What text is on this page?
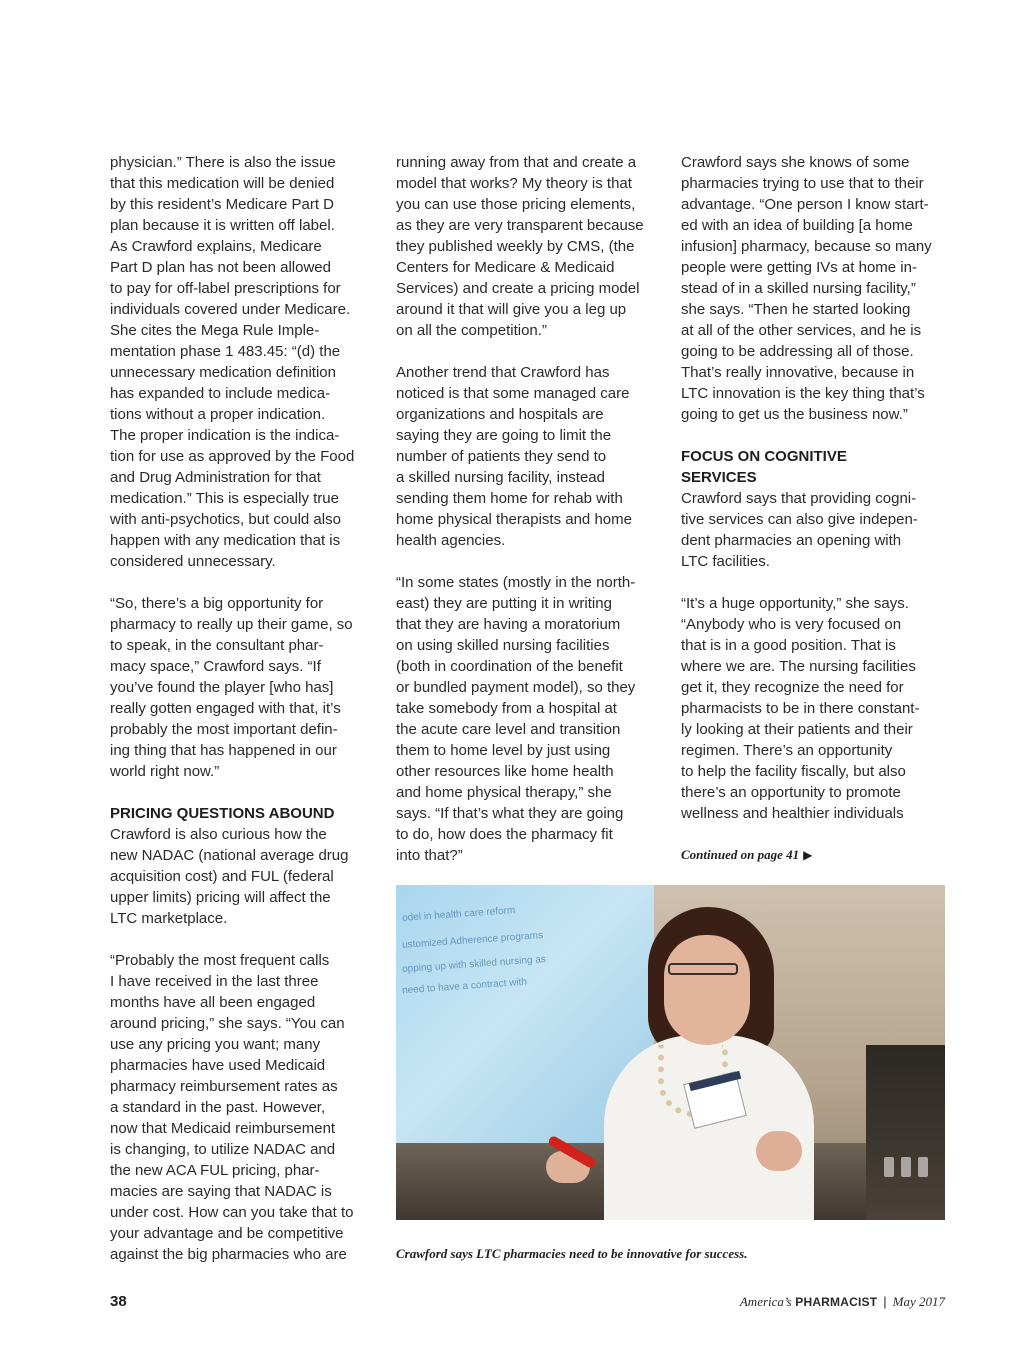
physician.” There is also the issue
that this medication will be denied
by this resident’s Medicare Part D
plan because it is written off label.
As Crawford explains, Medicare
Part D plan has not been allowed
to pay for off-label prescriptions for
individuals covered under Medicare.
She cites the Mega Rule Imple-
mentation phase 1 483.45: “(d) the
unnecessary medication definition
has expanded to include medica-
tions without a proper indication.
The proper indication is the indica-
tion for use as approved by the Food
and Drug Administration for that
medication.” This is especially true
with anti-psychotics, but could also
happen with any medication that is
considered unnecessary.

“So, there’s a big opportunity for
pharmacy to really up their game, so
to speak, in the consultant phar-
macy space,” Crawford says. “If
you’ve found the player [who has]
really gotten engaged with that, it’s
probably the most important defin-
ing thing that has happened in our
world right now.”

PRICING QUESTIONS ABOUND

Crawford is also curious how the
new NADAC (national average drug
acquisition cost) and FUL (federal
upper limits) pricing will affect the
LTC marketplace.

“Probably the most frequent calls
I have received in the last three
months have all been engaged
around pricing,” she says. “You can
use any pricing you want; many
pharmacies have used Medicaid
pharmacy reimbursement rates as
a standard in the past. However,
now that Medicaid reimbursement
is changing, to utilize NADAC and
the new ACA FUL pricing, phar-
macies are saying that NADAC is
under cost. How can you take that to
your advantage and be competitive
against the big pharmacies who are

running away from that and create a
model that works? My theory is that
you can use those pricing elements,
as they are very transparent because
they published weekly by CMS, (the
Centers for Medicare & Medicaid
Services) and create a pricing model
around it that will give you a leg up
on all the competition.”

Another trend that Crawford has
noticed is that some managed care
organizations and hospitals are
saying they are going to limit the
number of patients they send to
a skilled nursing facility, instead
sending them home for rehab with
home physical therapists and home
health agencies.

“In some states (mostly in the north-
east) they are putting it in writing
that they are having a moratorium
on using skilled nursing facilities
(both in coordination of the benefit
or bundled payment model), so they
take somebody from a hospital at
the acute care level and transition
them to home level by just using
other resources like home health
and home physical therapy,” she
says. “If that’s what they are going
to do, how does the pharmacy fit
into that?”

Crawford says she knows of some
pharmacies trying to use that to their
advantage. “One person I know start-
ed with an idea of building [a home
infusion] pharmacy, because so many
people were getting IVs at home in-
stead of in a skilled nursing facility,”
she says. “Then he started looking
at all of the other services, and he is
going to be addressing all of those.
That’s really innovative, because in
LTC innovation is the key thing that’s
going to get us the business now.”

FOCUS ON COGNITIVE
SERVICES

Crawford says that providing cogni-
tive services can also give indepen-
dent pharmacies an opening with
LTC facilities.

“It’s a huge opportunity,” she says.
“Anybody who is very focused on
that is in a good position. That is
where we are. The nursing facilities
get it, they recognize the need for
pharmacists to be in there constant-
ly looking at their patients and their
regimen. There’s an opportunity
to help the facility fiscally, but also
there’s an opportunity to promote
wellness and healthier individuals

Continued on page 41 ▶
odel in health care reform
ustomized Adherence programs
opping up with skilled nursing as
need to have a contract with
Crawford says LTC pharmacies need to be innovative for success.
38	America’s PHARMACIST | May 2017
